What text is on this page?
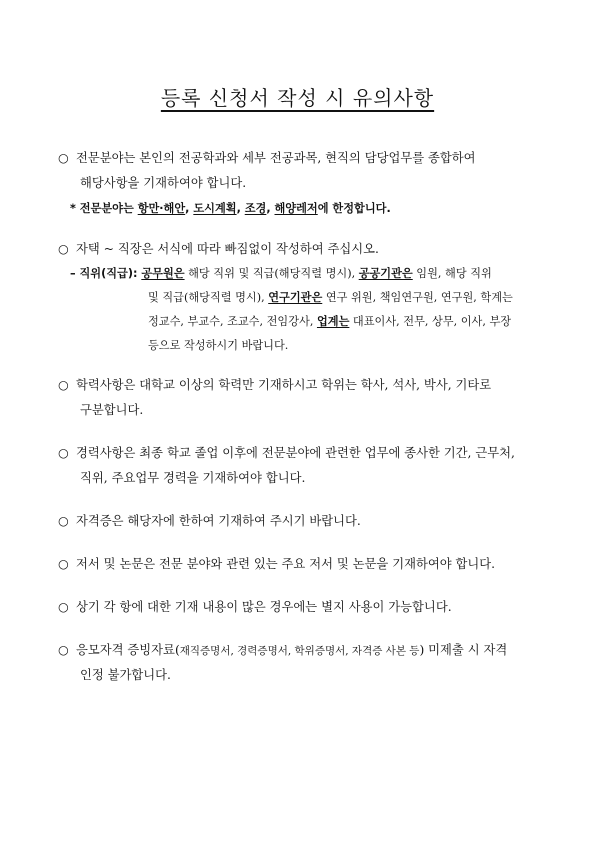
등록 신청서 작성 시 유의사항
○ 전문분야는 본인의 전공학과와 세부 전공과목, 현직의 담당업무를 종합하여
해당사항을 기재하여야 합니다.
* 전문분야는 항만·해안, 도시계획, 조경, 해양레저에 한정합니다.
○ 자택 ~ 직장은 서식에 따라 빠짐없이 작성하여 주십시오.
– 직위(직급): 공무원은 해당 직위 및 직급(해당직렬 명시), 공공기관은 임원, 해당 직위
및 직급(해당직렬 명시), 연구기관은 연구 위원, 책임연구원, 연구원, 학계는
정교수, 부교수, 조교수, 전임강사, 업계는 대표이사, 전무, 상무, 이사, 부장
등으로 작성하시기 바랍니다.
○ 학력사항은 대학교 이상의 학력만 기재하시고 학위는 학사, 석사, 박사, 기타로
구분합니다.
○ 경력사항은 최종 학교 졸업 이후에 전문분야에 관련한 업무에 종사한 기간, 근무처,
직위, 주요업무 경력을 기재하여야 합니다.
○ 자격증은 해당자에 한하여 기재하여 주시기 바랍니다.
○ 저서 및 논문은 전문 분야와 관련 있는 주요 저서 및 논문을 기재하여야 합니다.
○ 상기 각 항에 대한 기재 내용이 많은 경우에는 별지 사용이 가능합니다.
○ 응모자격 증빙자료(재직증명서, 경력증명서, 학위증명서, 자격증 사본 등) 미제출 시 자격
인정 불가합니다.
